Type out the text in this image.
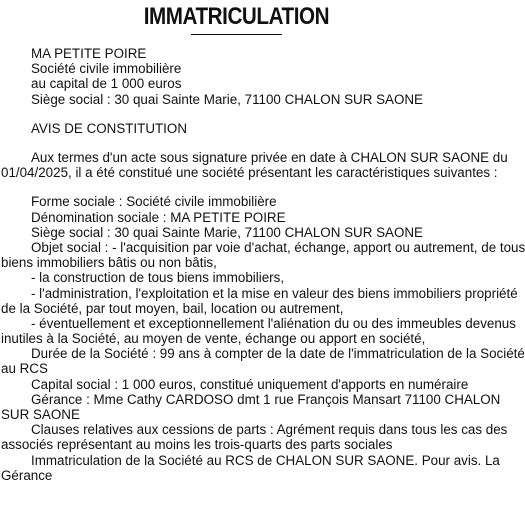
IMMATRICULATION
MA PETITE POIRE
Société civile immobilière
au capital de 1 000 euros
Siège social : 30 quai Sainte Marie, 71100 CHALON SUR SAONE
AVIS DE CONSTITUTION
Aux termes d'un acte sous signature privée en date à CHALON SUR SAONE du
01/04/2025, il a été constitué une société présentant les caractéristiques suivantes :
Forme sociale : Société civile immobilière
Dénomination sociale : MA PETITE POIRE
Siège social : 30 quai Sainte Marie, 71100 CHALON SUR SAONE
Objet social : - l'acquisition par voie d'achat, échange, apport ou autrement, de tous
biens immobiliers bâtis ou non bâtis,
- la construction de tous biens immobiliers,
- l'administration, l'exploitation et la mise en valeur des biens immobiliers propriété
de la Société, par tout moyen, bail, location ou autrement,
- éventuellement et exceptionnellement l'aliénation du ou des immeubles devenus
inutiles à la Société, au moyen de vente, échange ou apport en société,
Durée de la Société : 99 ans à compter de la date de l'immatriculation de la Société
au RCS
Capital social : 1 000 euros, constitué uniquement d'apports en numéraire
Gérance : Mme Cathy CARDOSO dmt 1 rue François Mansart 71100 CHALON
SUR SAONE
Clauses relatives aux cessions de parts : Agrément requis dans tous les cas des
associés représentant au moins les trois-quarts des parts sociales
Immatriculation de la Société au RCS de CHALON SUR SAONE. Pour avis. La
Gérance
